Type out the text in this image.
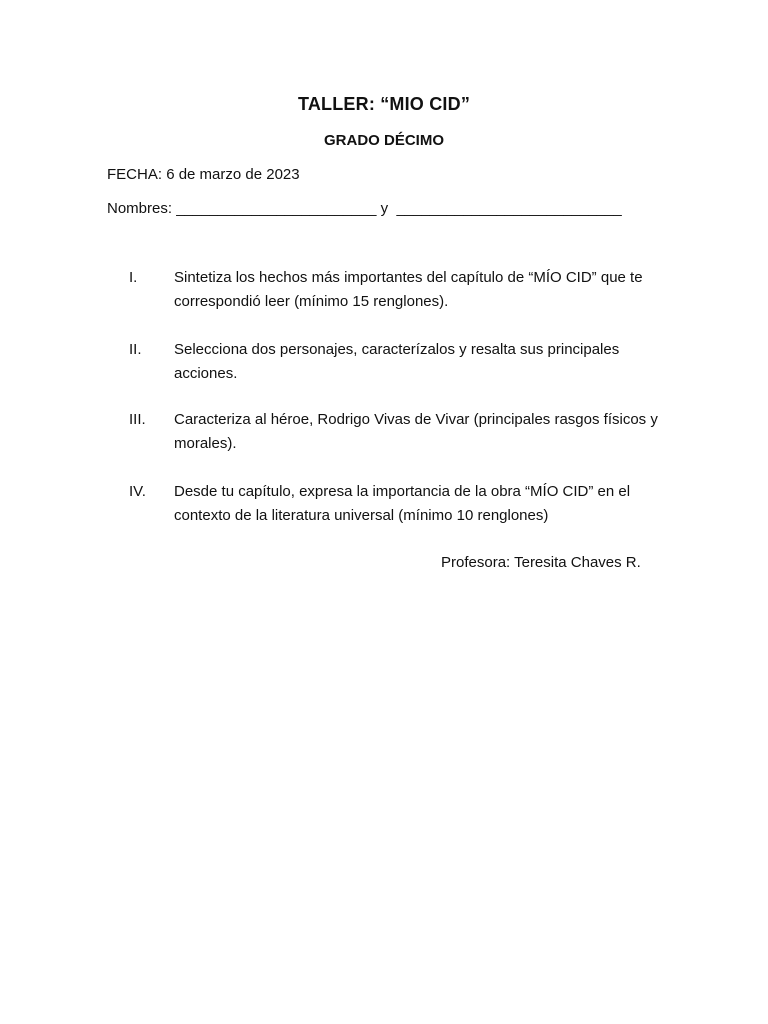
TALLER: “MIO CID”
GRADO DÉCIMO
FECHA: 6 de marzo de 2023
Nombres: ________________________ y ___________________________
I.	Sintetiza los hechos más importantes del capítulo de “MÍO CID” que te correspondió leer (mínimo 15 renglones).
II.	Selecciona dos personajes, caracterízalos y resalta sus principales acciones.
III.	Caracteriza al héroe, Rodrigo Vivas de Vivar (principales rasgos físicos y morales).
IV.	Desde tu capítulo, expresa la importancia de la obra “MÍO CID” en el contexto de la literatura universal (mínimo 10 renglones)
Profesora: Teresita Chaves R.
